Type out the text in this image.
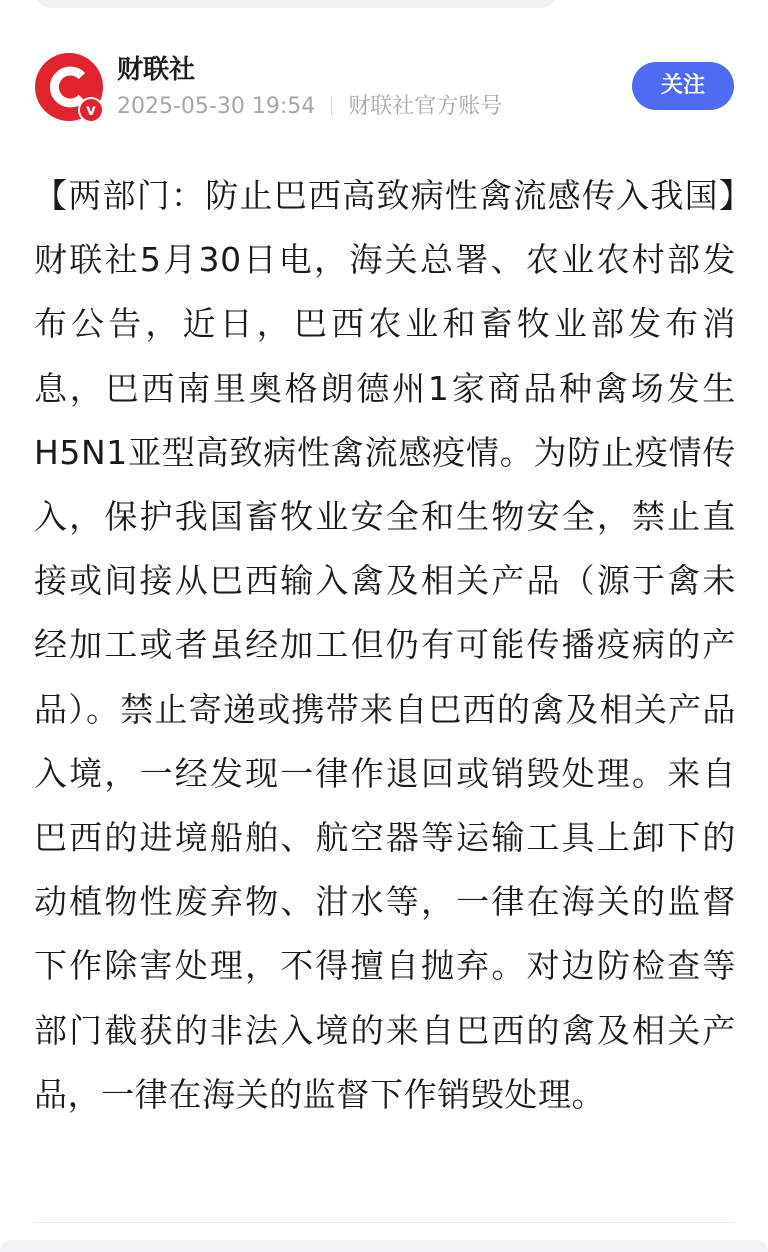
v
财联社
2025-05-30 19:54 财联社官方账号
关注

【两部门：防止巴西高致病性禽流感传入我国】财联社5月30日电，海关总署、农业农村部发布公告，近日，巴西农业和畜牧业部发布消息，巴西南里奥格朗德州1家商品种禽场发生H5N1亚型高致病性禽流感疫情。为防止疫情传入，保护我国畜牧业安全和生物安全，禁止直接或间接从巴西输入禽及相关产品（源于禽未经加工或者虽经加工但仍有可能传播疫病的产品）。禁止寄递或携带来自巴西的禽及相关产品入境，一经发现一律作退回或销毁处理。来自巴西的进境船舶、航空器等运输工具上卸下的动植物性废弃物、泔水等，一律在海关的监督下作除害处理，不得擅自抛弃。对边防检查等部门截获的非法入境的来自巴西的禽及相关产品，一律在海关的监督下作销毁处理。
